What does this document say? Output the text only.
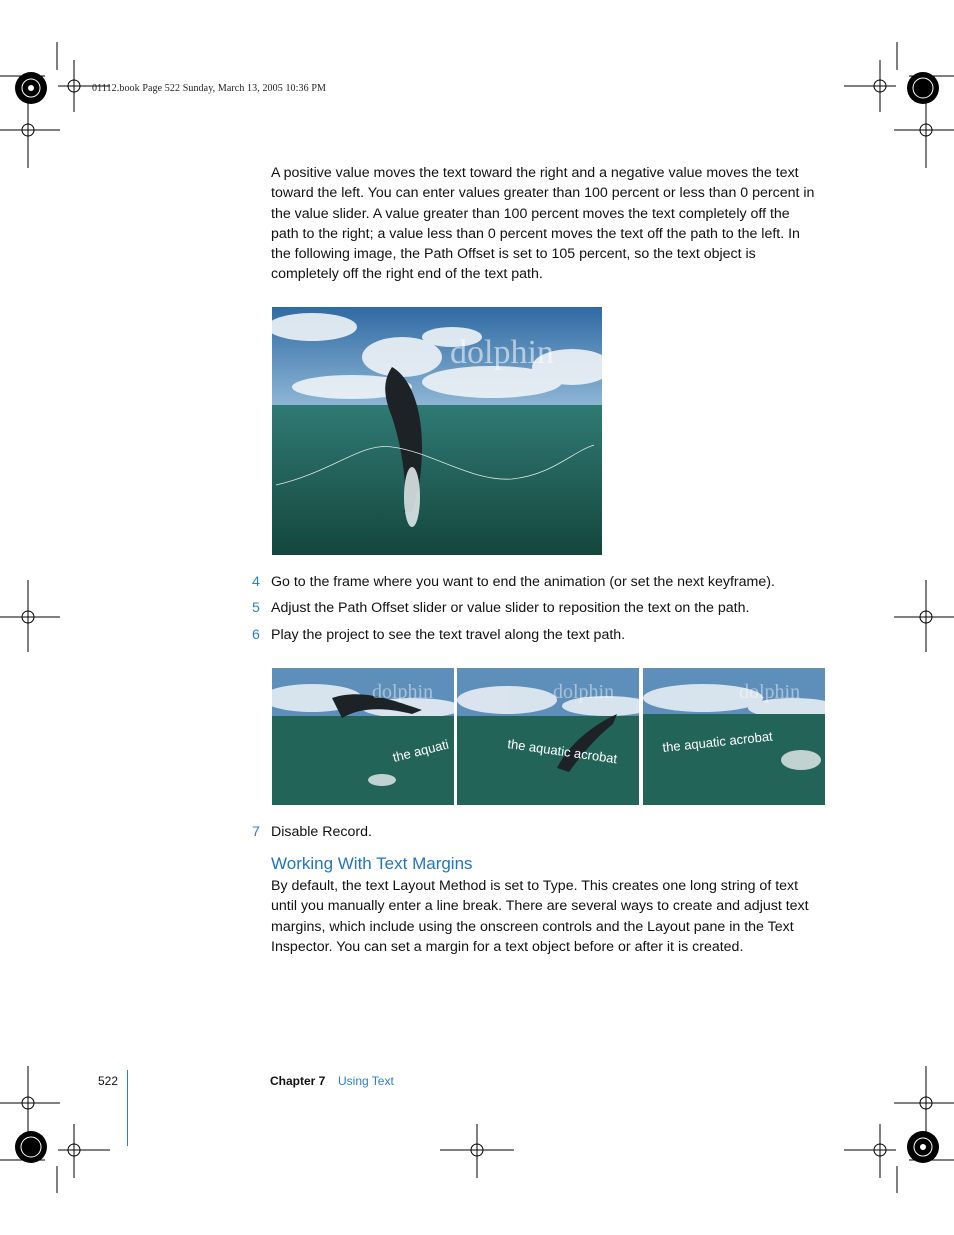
01112.book Page 522 Sunday, March 13, 2005 10:36 PM
A positive value moves the text toward the right and a negative value moves the text
toward the left. You can enter values greater than 100 percent or less than 0 percent in
the value slider. A value greater than 100 percent moves the text completely off the
path to the right; a value less than 0 percent moves the text off the path to the left. In
the following image, the Path Offset is set to 105 percent, so the text object is
completely off the right end of the text path.
dolphin
4 Go to the frame where you want to end the animation (or set the next keyframe).
5 Adjust the Path Offset slider or value slider to reposition the text on the path.
6 Play the project to see the text travel along the text path.
dolphin
the aquati
dolphin
the aquatic acrobat
dolphin
the aquatic acrobat
7 Disable Record.
Working With Text Margins
By default, the text Layout Method is set to Type. This creates one long string of text
until you manually enter a line break. There are several ways to create and adjust text
margins, which include using the onscreen controls and the Layout pane in the Text
Inspector. You can set a margin for a text object before or after it is created.
522	Chapter 7 Using Text
